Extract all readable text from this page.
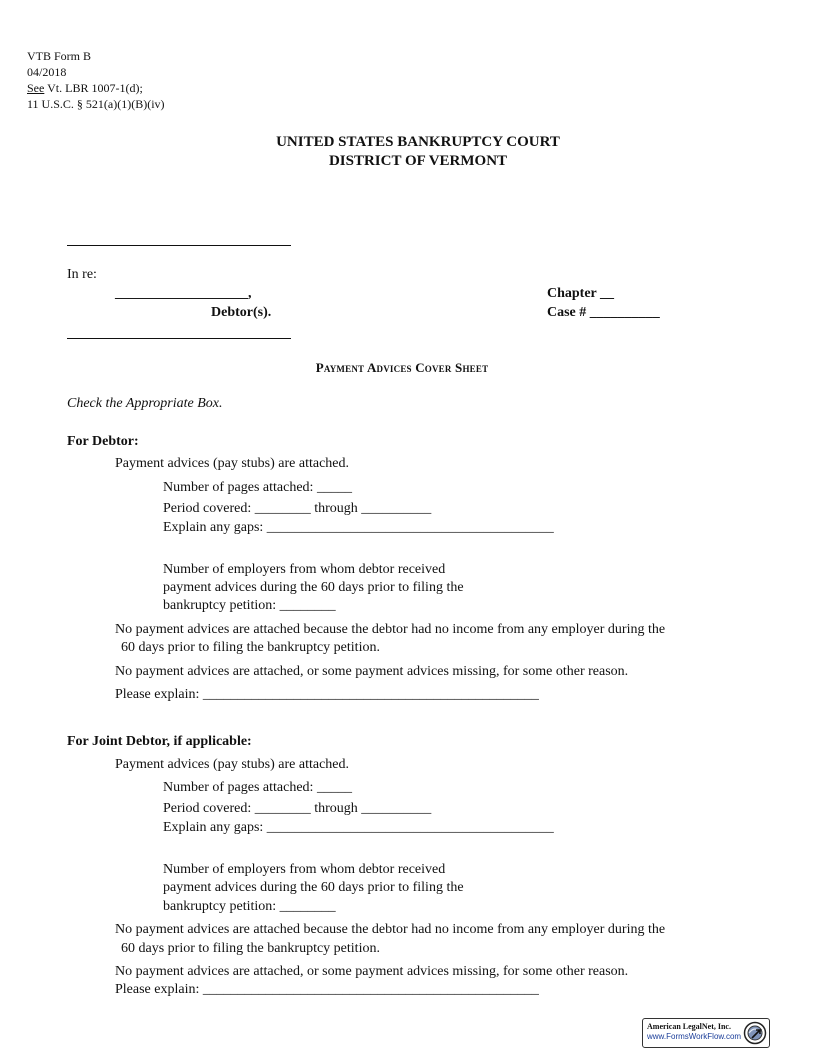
VTB Form B
04/2018
See Vt. LBR 1007-1(d);
11 U.S.C. § 521(a)(1)(B)(iv)
UNITED STATES BANKRUPTCY COURT
DISTRICT OF VERMONT
In re:
___________________,
Debtor(s).
Chapter __
Case # __________
Payment Advices Cover Sheet
Check the Appropriate Box.
For Debtor:
Payment advices (pay stubs) are attached.
Number of pages attached: _____
Period covered: ________ through __________
Explain any gaps: _________________________________________
Number of employers from whom debtor received
payment advices during the 60 days prior to filing the
bankruptcy petition: ________
No payment advices are attached because the debtor had no income from any employer during the
60 days prior to filing the bankruptcy petition.
No payment advices are attached, or some payment advices missing, for some other reason.
Please explain: ________________________________________________
For Joint Debtor, if applicable:
Payment advices (pay stubs) are attached.
Number of pages attached: _____
Period covered: ________ through __________
Explain any gaps: _________________________________________
Number of employers from whom debtor received
payment advices during the 60 days prior to filing the
bankruptcy petition: ________
No payment advices are attached because the debtor had no income from any employer during the
60 days prior to filing the bankruptcy petition.
No payment advices are attached, or some payment advices missing, for some other reason.
Please explain: ________________________________________________
American LegalNet, Inc.
www.FormsWorkFlow.com
